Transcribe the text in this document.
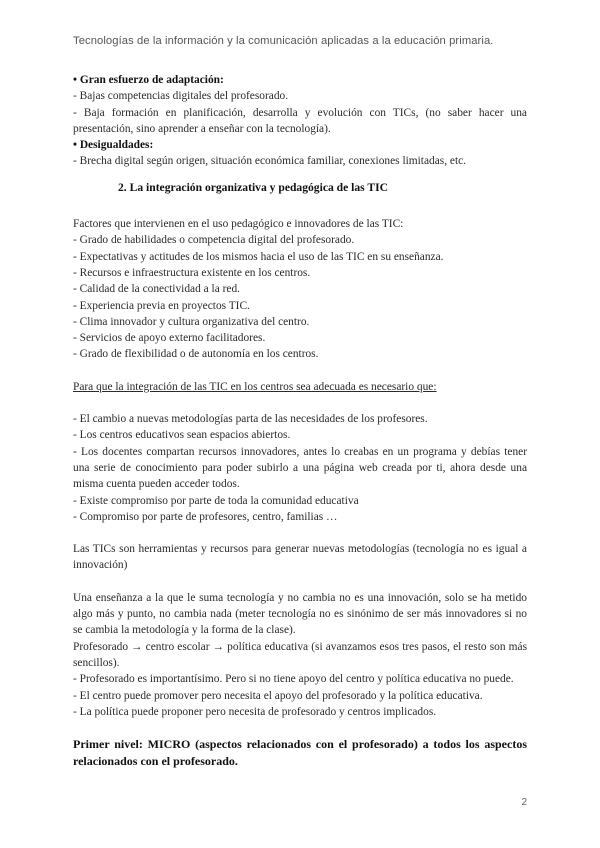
Tecnologías de la información y la comunicación aplicadas a la educación primaria.

• Gran esfuerzo de adaptación:

- Bajas competencias digitales del profesorado.

- Baja formación en planificación, desarrolla y evolución con TICs, (no saber hacer una presentación, sino aprender a enseñar con la tecnología).

• Desigualdades:

- Brecha digital según origen, situación económica familiar, conexiones limitadas, etc.

2. La integración organizativa y pedagógica de las TIC

Factores que intervienen en el uso pedagógico e innovadores de las TIC:

- Grado de habilidades o competencia digital del profesorado.

- Expectativas y actitudes de los mismos hacia el uso de las TIC en su enseñanza.

- Recursos e infraestructura existente en los centros.

- Calidad de la conectividad a la red.

- Experiencia previa en proyectos TIC.

- Clima innovador y cultura organizativa del centro.

- Servicios de apoyo externo facilitadores.

- Grado de flexibilidad o de autonomía en los centros.

Para que la integración de las TIC en los centros sea adecuada es necesario que:

- El cambio a nuevas metodologías parta de las necesidades de los profesores.

- Los centros educativos sean espacios abiertos.

- Los docentes compartan recursos innovadores, antes lo creabas en un programa y debías tener una serie de conocimiento para poder subirlo a una página web creada por ti, ahora desde una misma cuenta pueden acceder todos.

- Existe compromiso por parte de toda la comunidad educativa

- Compromiso por parte de profesores, centro, familias …

Las TICs son herramientas y recursos para generar nuevas metodologías (tecnología no es igual a innovación)

Una enseñanza a la que le suma tecnología y no cambia no es una innovación, solo se ha metido algo más y punto, no cambia nada (meter tecnología no es sinónimo de ser más innovadores si no se cambia la metodología y la forma de la clase).

Profesorado → centro escolar → política educativa (si avanzamos esos tres pasos, el resto son más sencillos).

- Profesorado es importantísimo. Pero si no tiene apoyo del centro y política educativa no puede.

- El centro puede promover pero necesita el apoyo del profesorado y la política educativa.

- La política puede proponer pero necesita de profesorado y centros implicados.

Primer nivel: MICRO (aspectos relacionados con el profesorado) a todos los aspectos relacionados con el profesorado.

2
